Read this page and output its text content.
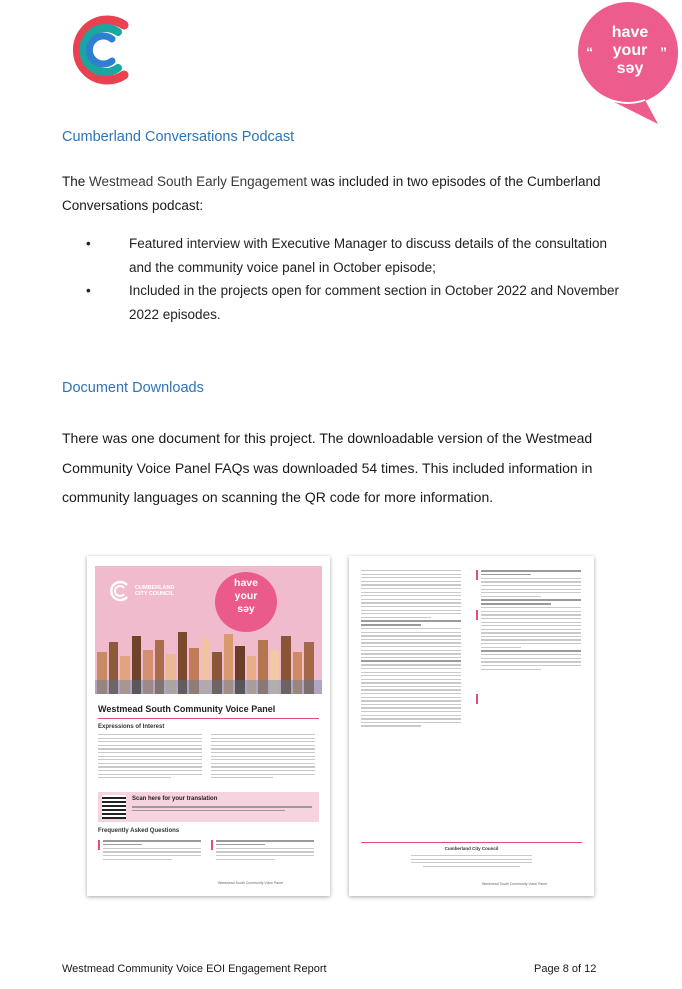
“	”
have
your
səy
Cumberland Conversations Podcast
The Westmead South Early Engagement was included in two episodes of the Cumberland Conversations podcast:
•	Featured interview with Executive Manager to discuss details of the consultation and the community voice panel in October episode;
•	Included in the projects open for comment section in October 2022 and November 2022 episodes.
Document Downloads
There was one document for this project. The downloadable version of the Westmead Community Voice Panel FAQs was downloaded 54 times. This included information in community languages on scanning the QR code for more information.
CUMBERLAND CITY COUNCIL
have
your
səy
Westmead South Community Voice Panel
Expressions of Interest
Scan here for your translation
Frequently Asked Questions
Westmead South Community Voice Panel
Cumberland City Council
Westmead South Community Voice Panel
Westmead Community Voice EOI Engagement Report	Page 8 of 12
